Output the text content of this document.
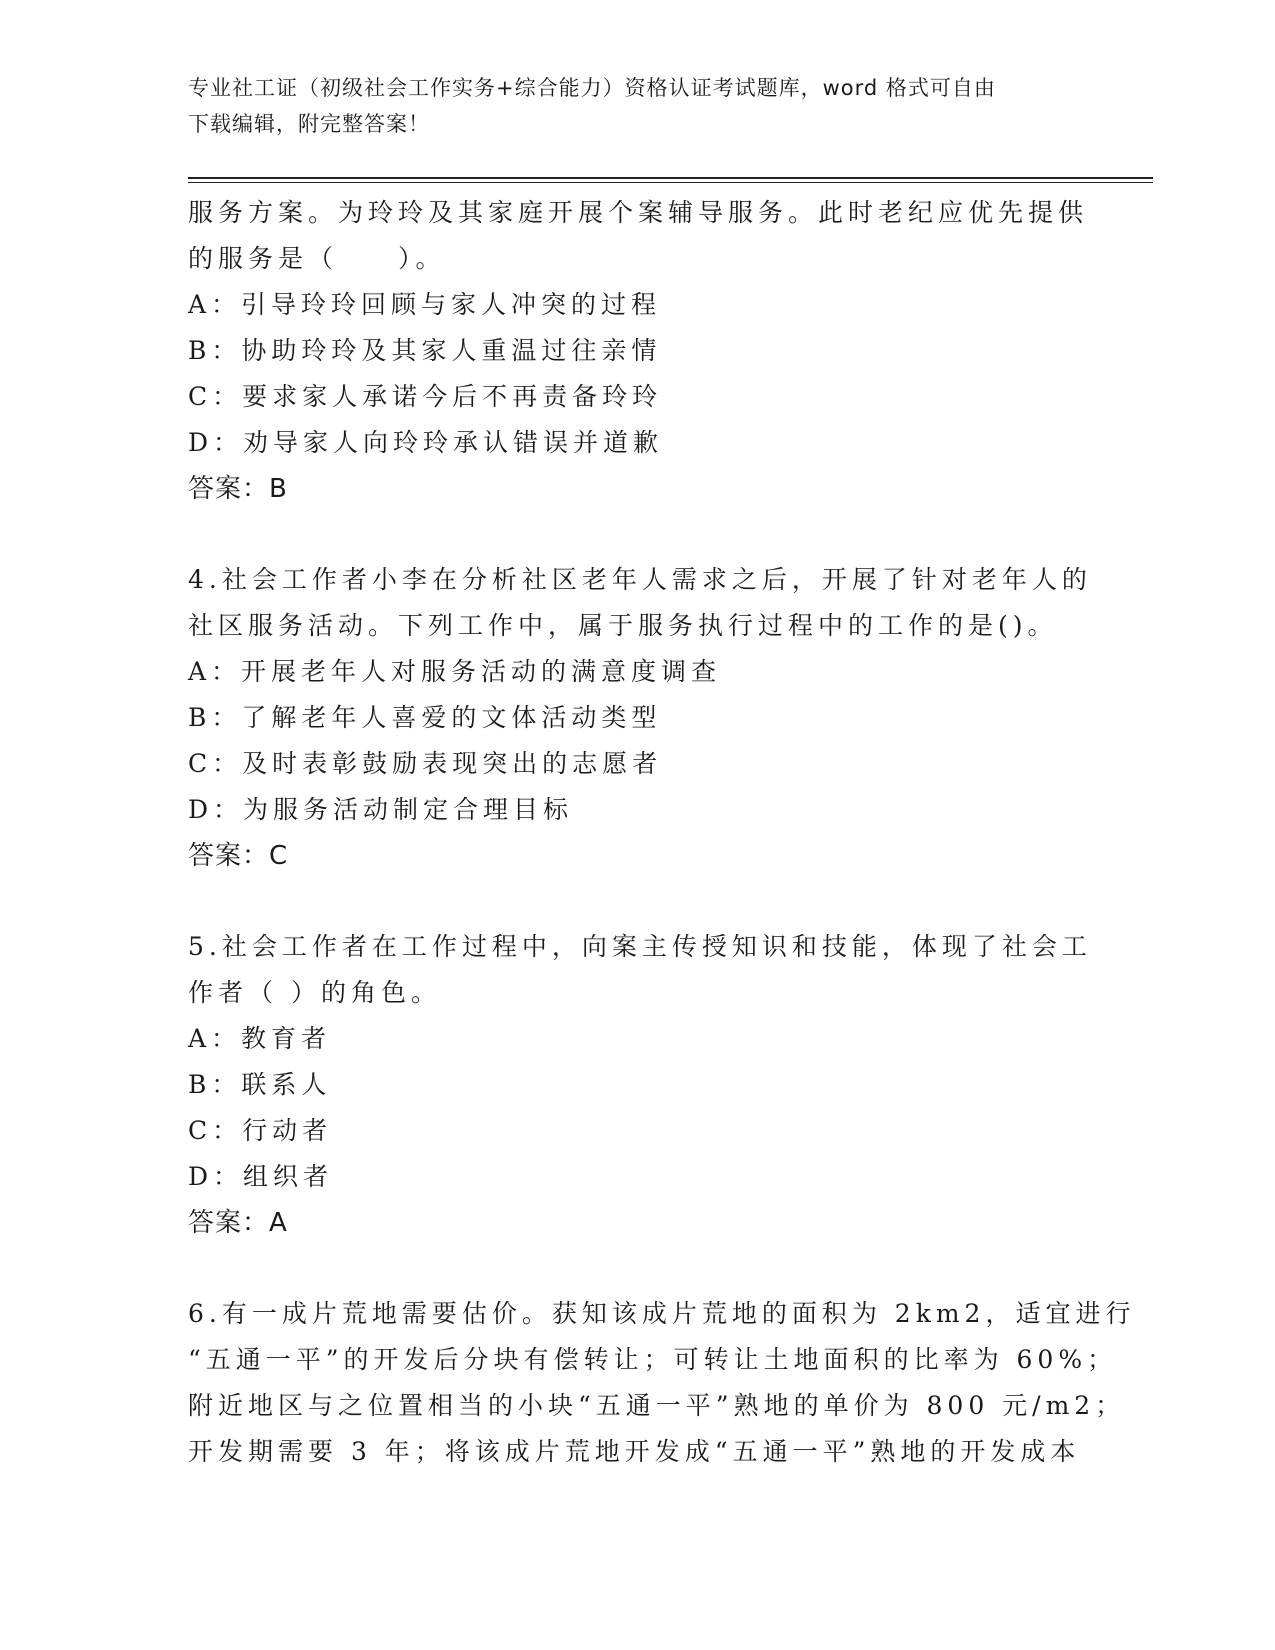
专业社工证（初级社会工作实务+综合能力）资格认证考试题库，word 格式可自由
下载编辑，附完整答案！
服务方案。为玲玲及其家庭开展个案辅导服务。此时老纪应优先提供
的服务是（　　）。
A：引导玲玲回顾与家人冲突的过程
B：协助玲玲及其家人重温过往亲情
C：要求家人承诺今后不再责备玲玲
D：劝导家人向玲玲承认错误并道歉
答案：B
4.社会工作者小李在分析社区老年人需求之后，开展了针对老年人的
社区服务活动。下列工作中，属于服务执行过程中的工作的是()。
A：开展老年人对服务活动的满意度调查
B：了解老年人喜爱的文体活动类型
C：及时表彰鼓励表现突出的志愿者
D：为服务活动制定合理目标
答案：C
5.社会工作者在工作过程中，向案主传授知识和技能，体现了社会工
作者（ ）的角色。
A：教育者
B：联系人
C：行动者
D：组织者
答案：A
6.有一成片荒地需要估价。获知该成片荒地的面积为 2km2，适宜进行
“五通一平”的开发后分块有偿转让；可转让土地面积的比率为 60%；
附近地区与之位置相当的小块“五通一平”熟地的单价为 800 元/m2；
开发期需要 3 年；将该成片荒地开发成“五通一平”熟地的开发成本
